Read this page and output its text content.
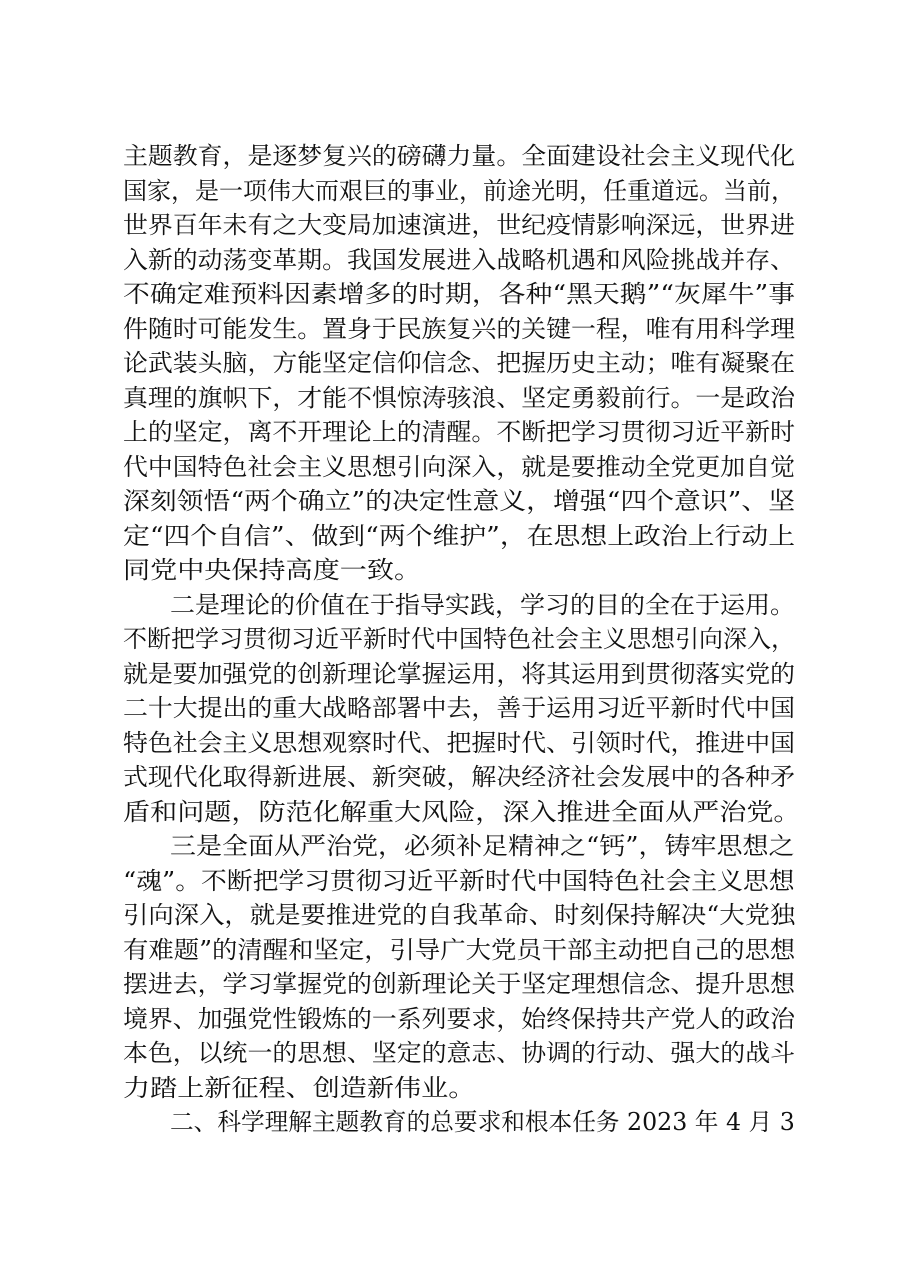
主题教育，是逐梦复兴的磅礴力量。全面建设社会主义现代化
国家，是一项伟大而艰巨的事业，前途光明，任重道远。当前，
世界百年未有之大变局加速演进，世纪疫情影响深远，世界进
入新的动荡变革期。我国发展进入战略机遇和风险挑战并存、
不确定难预料因素增多的时期，各种“黑天鹅”“灰犀牛”事
件随时可能发生。置身于民族复兴的关键一程，唯有用科学理
论武装头脑，方能坚定信仰信念、把握历史主动；唯有凝聚在
真理的旗帜下，才能不惧惊涛骇浪、坚定勇毅前行。一是政治
上的坚定，离不开理论上的清醒。不断把学习贯彻习近平新时
代中国特色社会主义思想引向深入，就是要推动全党更加自觉
深刻领悟“两个确立”的决定性意义，增强“四个意识”、坚
定“四个自信”、做到“两个维护”，在思想上政治上行动上
同党中央保持高度一致。
二是理论的价值在于指导实践，学习的目的全在于运用。
不断把学习贯彻习近平新时代中国特色社会主义思想引向深入，
就是要加强党的创新理论掌握运用，将其运用到贯彻落实党的
二十大提出的重大战略部署中去，善于运用习近平新时代中国
特色社会主义思想观察时代、把握时代、引领时代，推进中国
式现代化取得新进展、新突破，解决经济社会发展中的各种矛
盾和问题，防范化解重大风险，深入推进全面从严治党。
三是全面从严治党，必须补足精神之“钙”，铸牢思想之
“魂”。不断把学习贯彻习近平新时代中国特色社会主义思想
引向深入，就是要推进党的自我革命、时刻保持解决“大党独
有难题”的清醒和坚定，引导广大党员干部主动把自己的思想
摆进去，学习掌握党的创新理论关于坚定理想信念、提升思想
境界、加强党性锻炼的一系列要求，始终保持共产党人的政治
本色，以统一的思想、坚定的意志、协调的行动、强大的战斗
力踏上新征程、创造新伟业。
二、科学理解主题教育的总要求和根本任务 2023 年 4 月 3
